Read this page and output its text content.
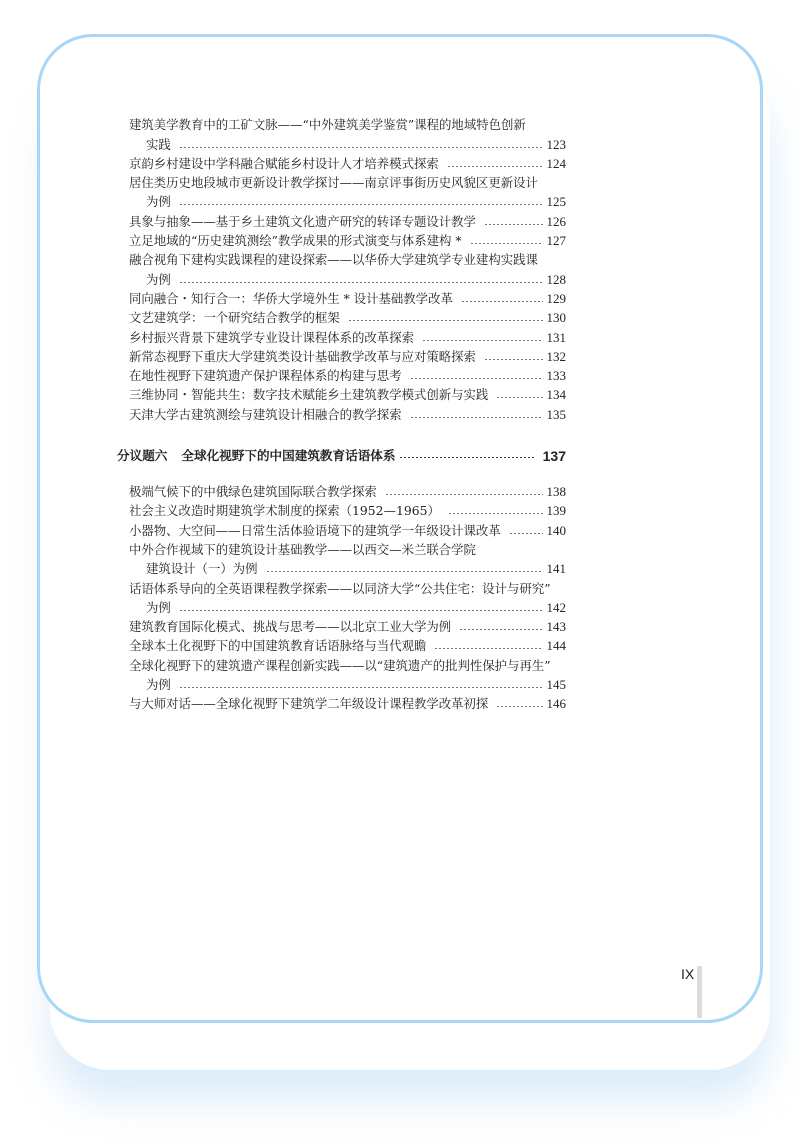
建筑美学教育中的工矿文脉——“中外建筑美学鉴赏”课程的地域特色创新
实践	123
京韵乡村建设中学科融合赋能乡村设计人才培养模式探索	124
居住类历史地段城市更新设计教学探讨——南京评事街历史风貌区更新设计
为例	125
具象与抽象——基于乡土建筑文化遗产研究的转译专题设计教学	126
立足地域的“历史建筑测绘”教学成果的形式演变与体系建构 *	127
融合视角下建构实践课程的建设探索——以华侨大学建筑学专业建构实践课
为例	128
同向融合・知行合一：华侨大学境外生 * 设计基础教学改革	129
文艺建筑学：一个研究结合教学的框架	130
乡村振兴背景下建筑学专业设计课程体系的改革探索	131
新常态视野下重庆大学建筑类设计基础教学改革与应对策略探索	132
在地性视野下建筑遗产保护课程体系的构建与思考	133
三维协同・智能共生：数字技术赋能乡土建筑教学模式创新与实践	134
天津大学古建筑测绘与建筑设计相融合的教学探索	135
分议题六 全球化视野下的中国建筑教育话语体系	137
极端气候下的中俄绿色建筑国际联合教学探索	138
社会主义改造时期建筑学术制度的探索（1952—1965）	139
小器物、大空间——日常生活体验语境下的建筑学一年级设计课改革	140
中外合作视域下的建筑设计基础教学——以西交—米兰联合学院
建筑设计（一）为例	141
话语体系导向的全英语课程教学探索——以同济大学“公共住宅：设计与研究”
为例	142
建筑教育国际化模式、挑战与思考——以北京工业大学为例	143
全球本土化视野下的中国建筑教育话语脉络与当代观瞻	144
全球化视野下的建筑遗产课程创新实践——以“建筑遗产的批判性保护与再生”
为例	145
与大师对话——全球化视野下建筑学二年级设计课程教学改革初探	146
IX
